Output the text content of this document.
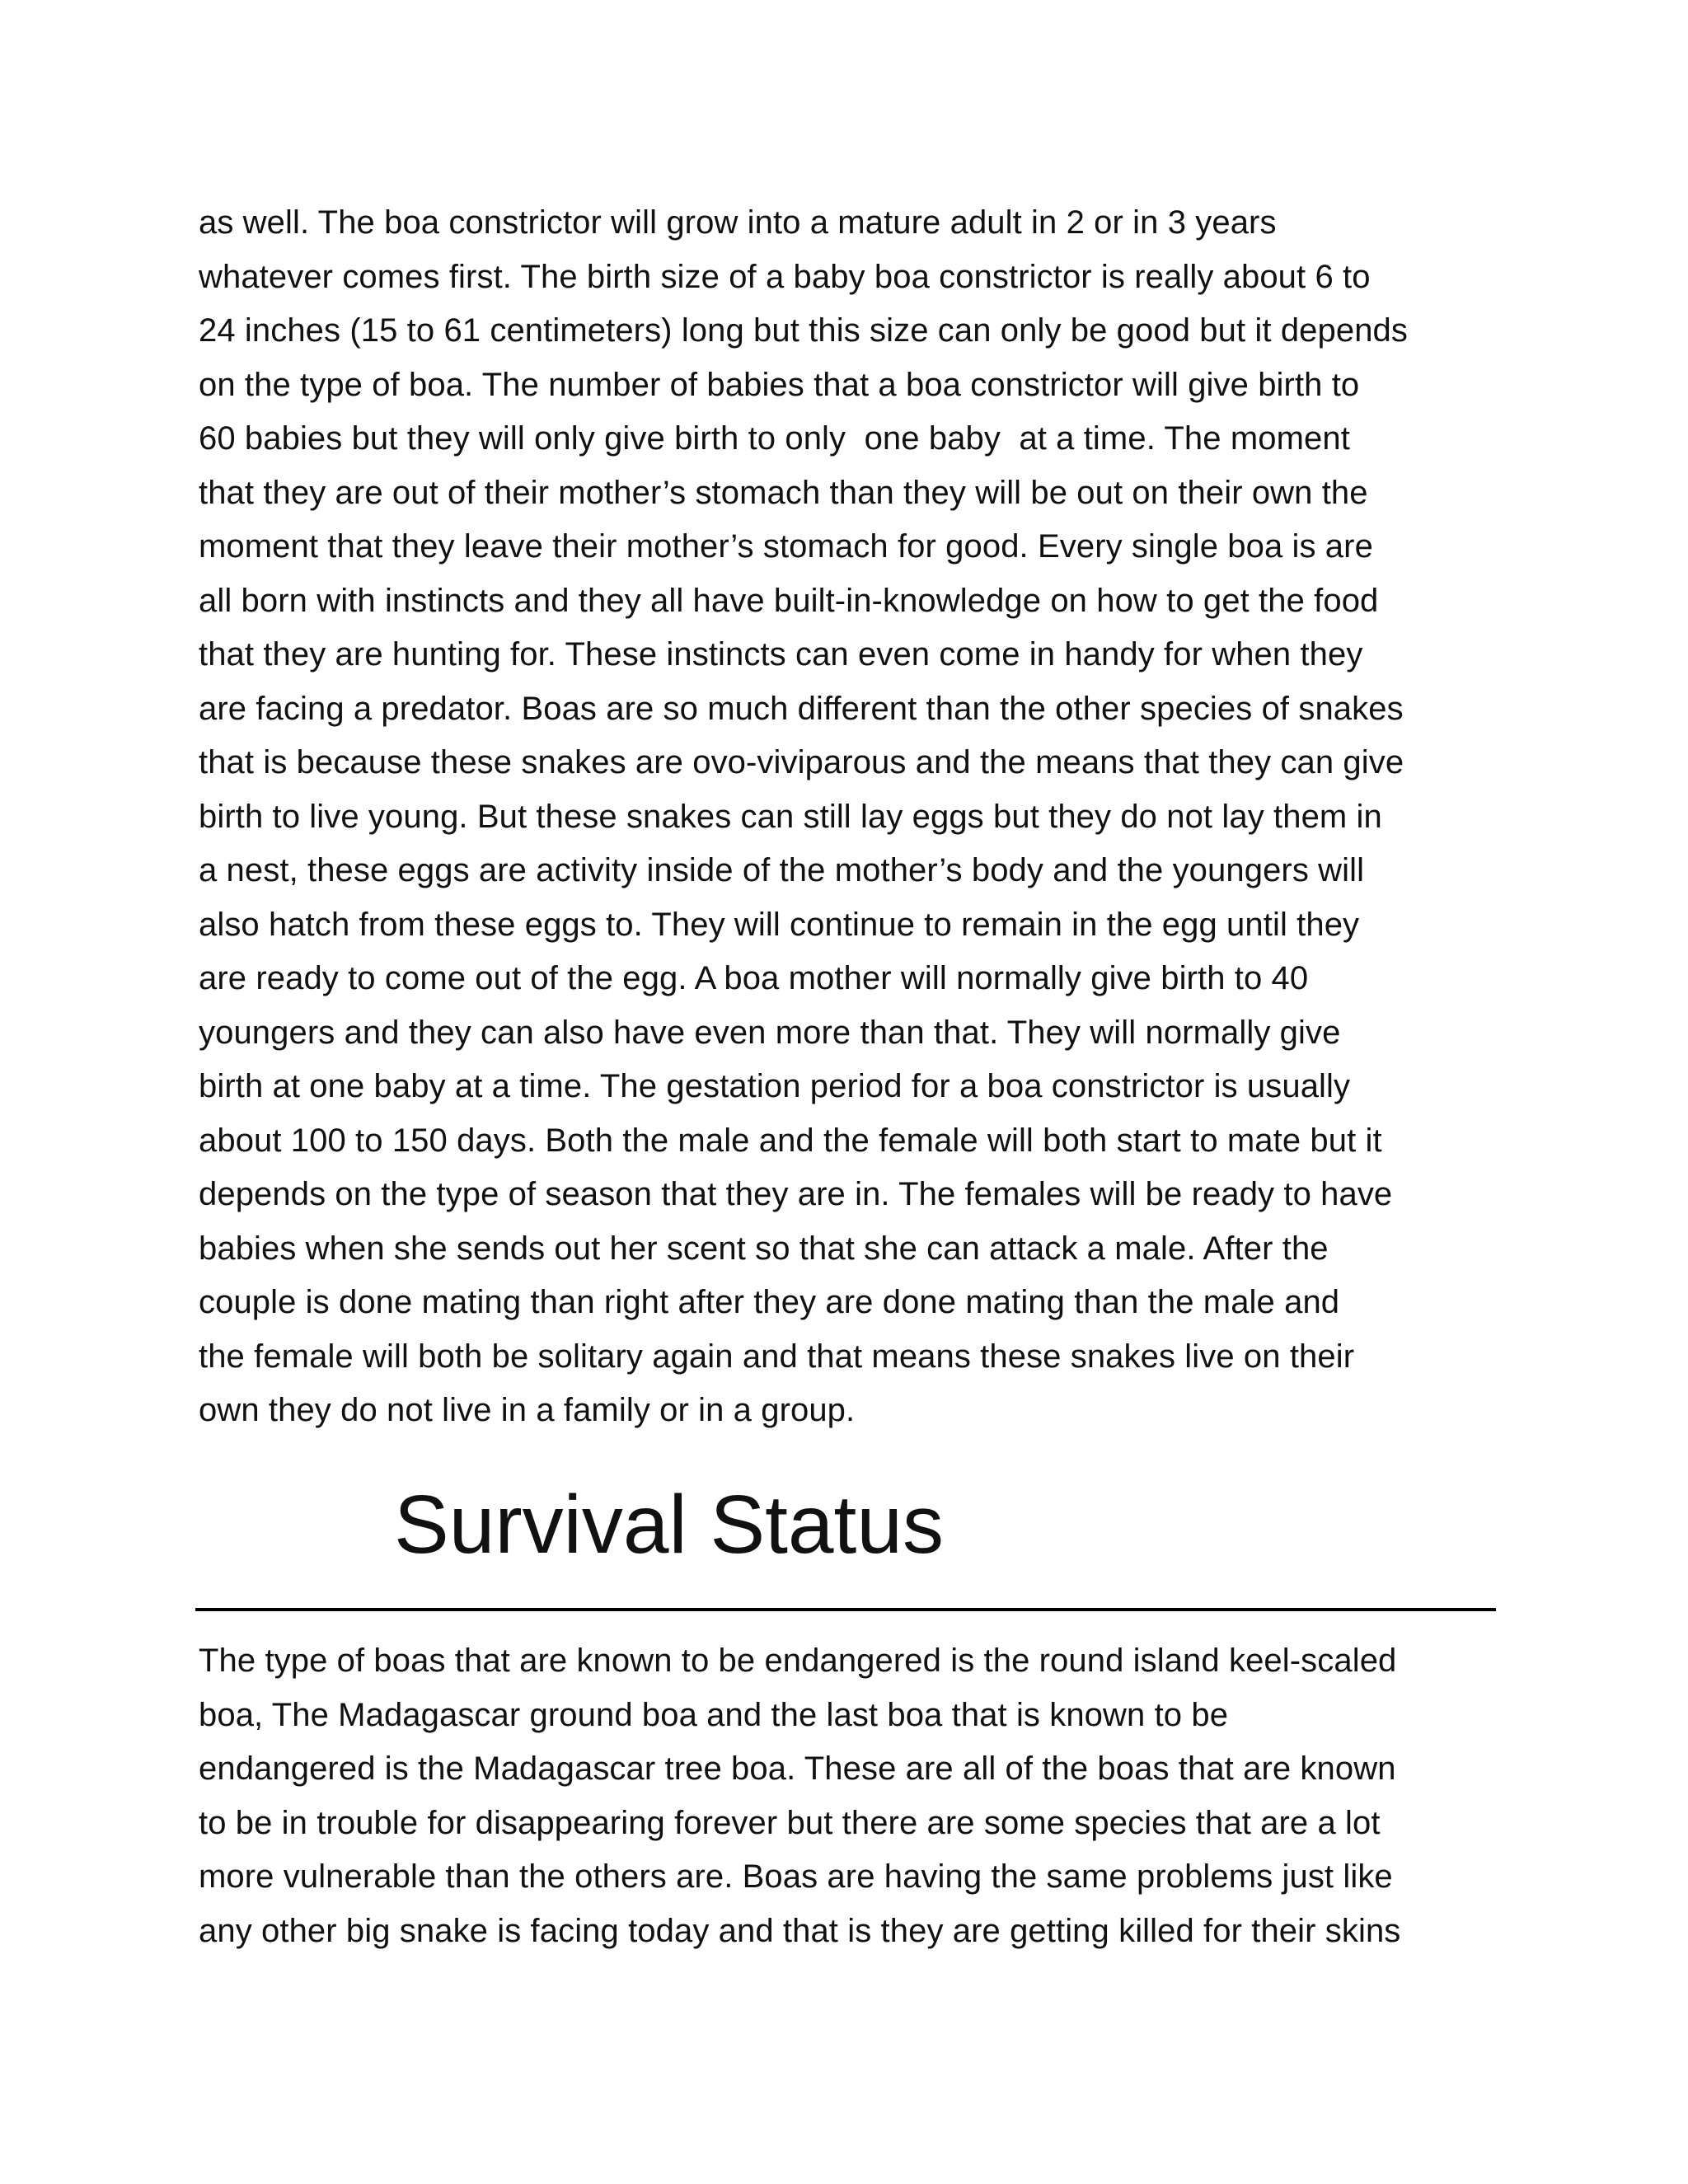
as well. The boa constrictor will grow into a mature adult in 2 or in 3 years
whatever comes first. The birth size of a baby boa constrictor is really about 6 to
24 inches (15 to 61 centimeters) long but this size can only be good but it depends
on the type of boa. The number of babies that a boa constrictor will give birth to
60 babies but they will only give birth to only  one baby  at a time. The moment
that they are out of their mother’s stomach than they will be out on their own the
moment that they leave their mother’s stomach for good. Every single boa is are
all born with instincts and they all have built-in-knowledge on how to get the food
that they are hunting for. These instincts can even come in handy for when they
are facing a predator. Boas are so much different than the other species of snakes
that is because these snakes are ovo-viviparous and the means that they can give
birth to live young. But these snakes can still lay eggs but they do not lay them in
a nest, these eggs are activity inside of the mother’s body and the youngers will
also hatch from these eggs to. They will continue to remain in the egg until they
are ready to come out of the egg. A boa mother will normally give birth to 40
youngers and they can also have even more than that. They will normally give
birth at one baby at a time. The gestation period for a boa constrictor is usually
about 100 to 150 days. Both the male and the female will both start to mate but it
depends on the type of season that they are in. The females will be ready to have
babies when she sends out her scent so that she can attack a male. After the
couple is done mating than right after they are done mating than the male and
the female will both be solitary again and that means these snakes live on their
own they do not live in a family or in a group.
Survival Status
The type of boas that are known to be endangered is the round island keel-scaled
boa, The Madagascar ground boa and the last boa that is known to be
endangered is the Madagascar tree boa. These are all of the boas that are known
to be in trouble for disappearing forever but there are some species that are a lot
more vulnerable than the others are. Boas are having the same problems just like
any other big snake is facing today and that is they are getting killed for their skins
